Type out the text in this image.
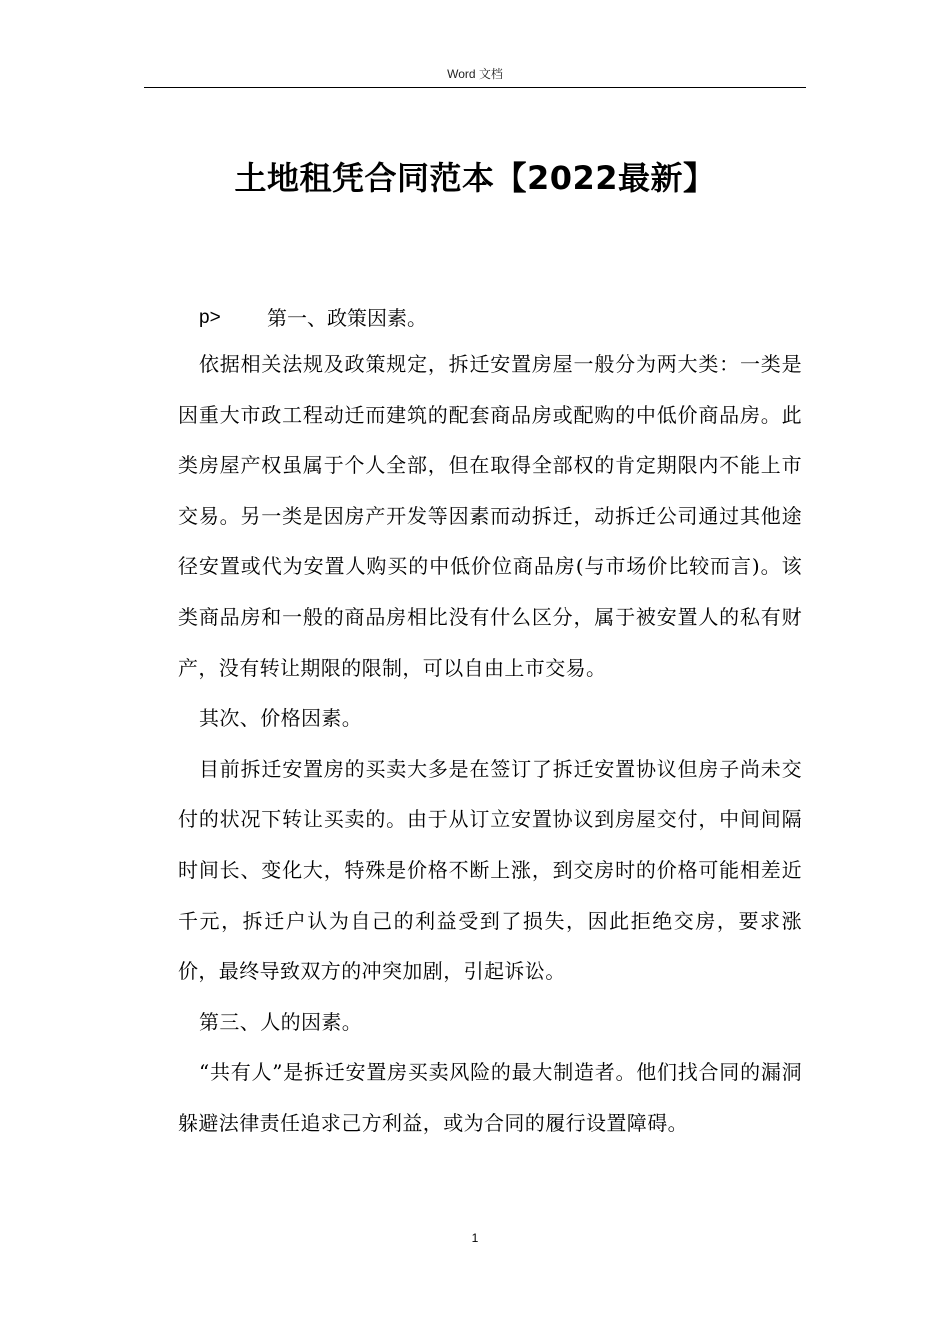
Word 文档
土地租凭合同范本【2022最新】
p>	第一、政策因素。

依据相关法规及政策规定，拆迁安置房屋一般分为两大类：一类是因重大市政工程动迁而建筑的配套商品房或配购的中低价商品房。此类房屋产权虽属于个人全部，但在取得全部权的肯定期限内不能上市交易。另一类是因房产开发等因素而动拆迁，动拆迁公司通过其他途径安置或代为安置人购买的中低价位商品房(与市场价比较而言)。该类商品房和一般的商品房相比没有什么区分，属于被安置人的私有财产，没有转让期限的限制，可以自由上市交易。

其次、价格因素。

目前拆迁安置房的买卖大多是在签订了拆迁安置协议但房子尚未交付的状况下转让买卖的。由于从订立安置协议到房屋交付，中间间隔时间长、变化大，特殊是价格不断上涨，到交房时的价格可能相差近千元，拆迁户认为自己的利益受到了损失，因此拒绝交房，要求涨价，最终导致双方的冲突加剧，引起诉讼。

第三、人的因素。

“共有人”是拆迁安置房买卖风险的最大制造者。他们找合同的漏洞躲避法律责任追求己方利益，或为合同的履行设置障碍。

1
